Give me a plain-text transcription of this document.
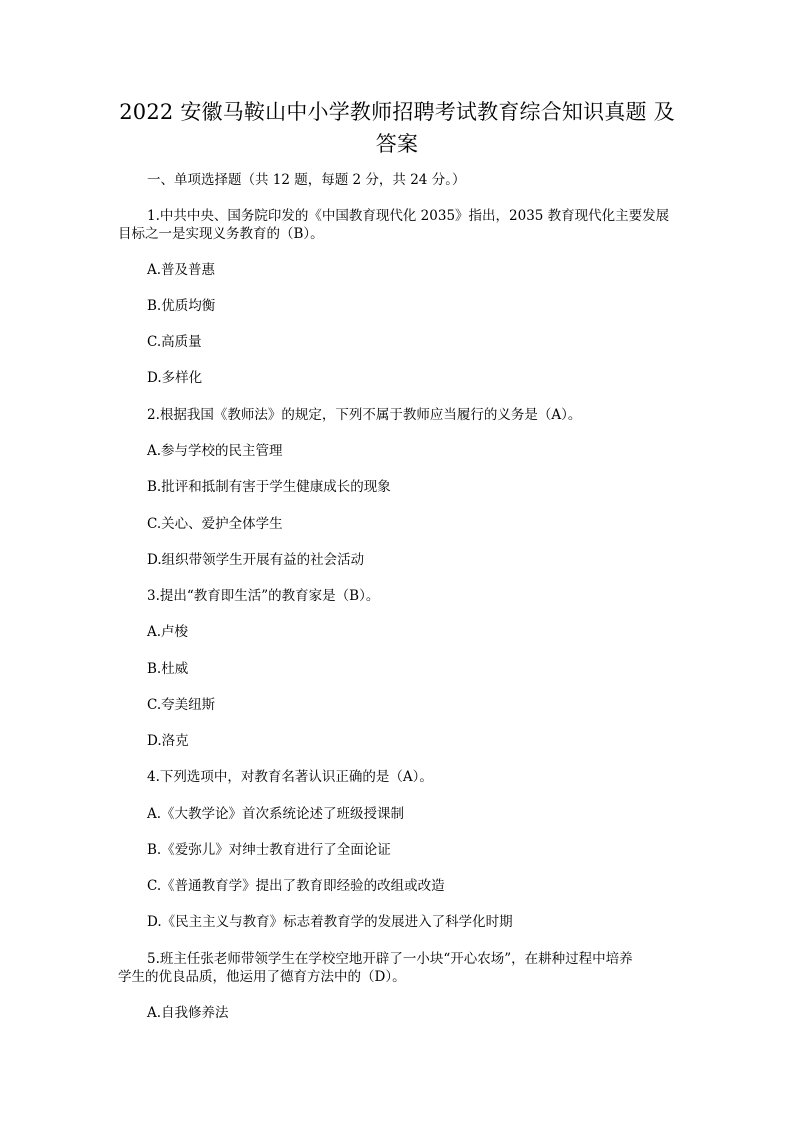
2022 安徽马鞍山中小学教师招聘考试教育综合知识真题 及
答案
一、单项选择题（共 12 题，每题 2 分，共 24 分。）
1.中共中央、国务院印发的《中国教育现代化 2035》指出，2035 教育现代化主要发展
目标之一是实现义务教育的（B）。
A.普及普惠
B.优质均衡
C.高质量
D.多样化
2.根据我国《教师法》的规定，下列不属于教师应当履行的义务是（A）。
A.参与学校的民主管理
B.批评和抵制有害于学生健康成长的现象
C.关心、爱护全体学生
D.组织带领学生开展有益的社会活动
3.提出“教育即生活”的教育家是（B）。
A.卢梭
B.杜威
C.夸美纽斯
D.洛克
4.下列选项中，对教育名著认识正确的是（A）。
A.《大教学论》首次系统论述了班级授课制
B.《爱弥儿》对绅士教育进行了全面论证
C.《普通教育学》提出了教育即经验的改组或改造
D.《民主主义与教育》标志着教育学的发展进入了科学化时期
5.班主任张老师带领学生在学校空地开辟了一小块“开心农场”，在耕种过程中培养
学生的优良品质，他运用了德育方法中的（D）。
A.自我修养法
